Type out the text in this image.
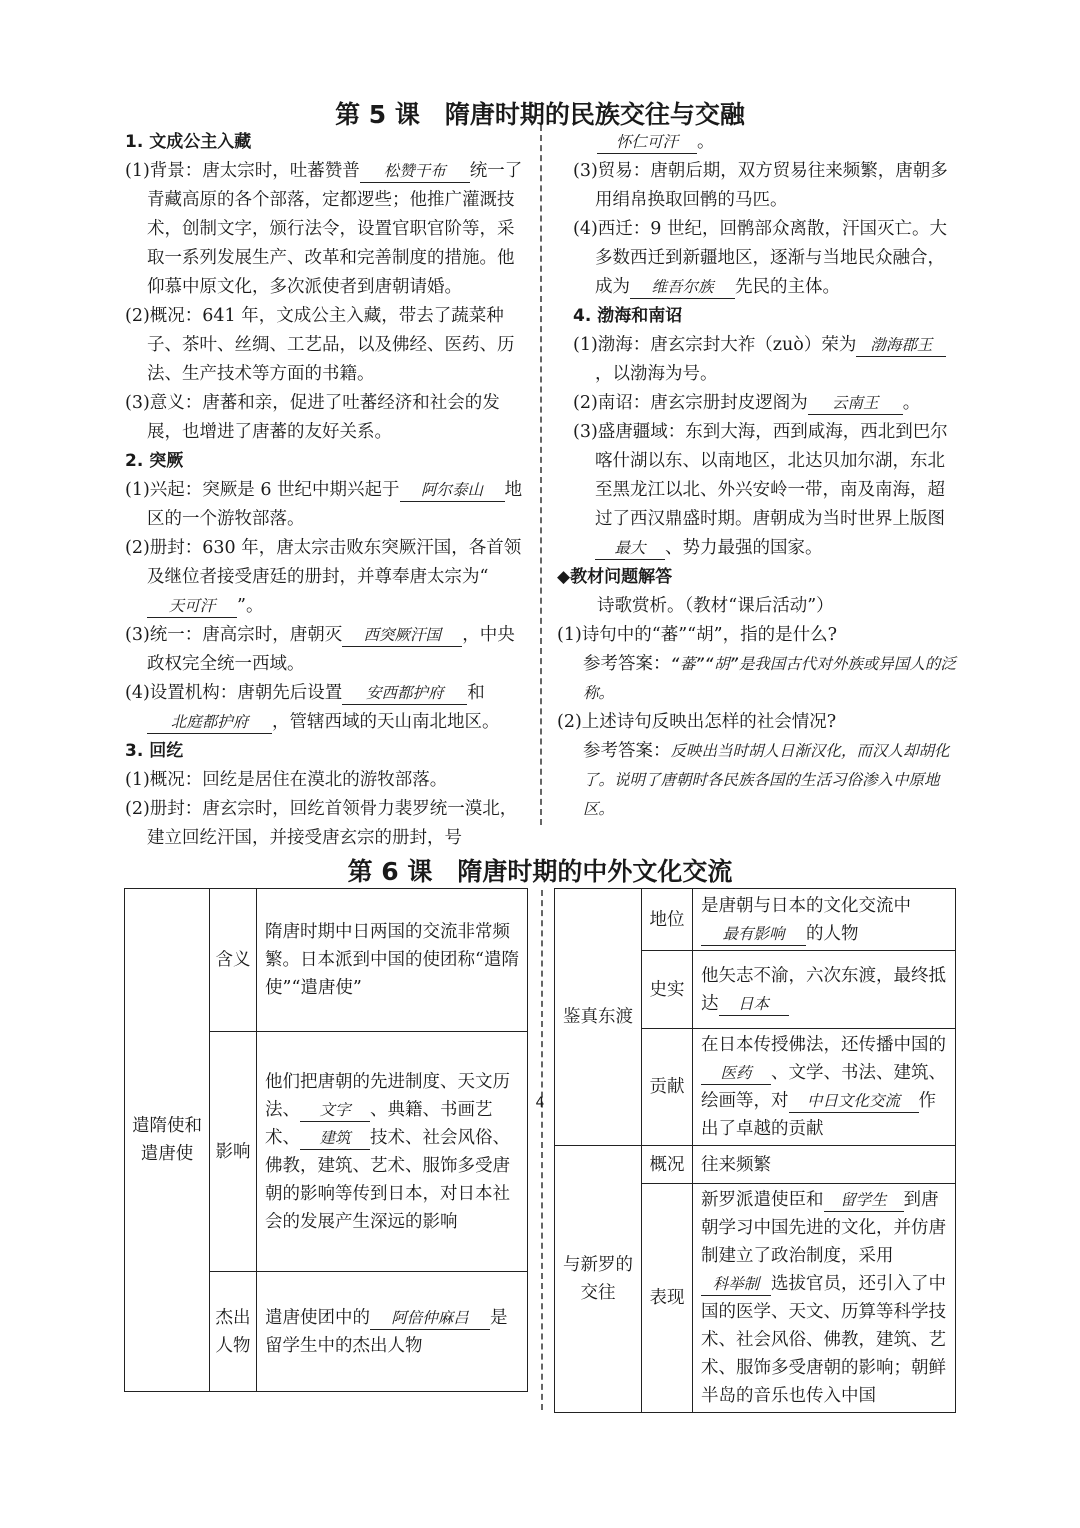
第 5 课　隋唐时期的民族交往与交融

1. 文成公主入藏

(1)背景：唐太宗时，吐蕃赞普 松赞干布 统一了青藏高原的各个部落，定都逻些；他推广灌溉技术，创制文字，颁行法令，设置官职官阶等，采取一系列发展生产、改革和完善制度的措施。他仰慕中原文化，多次派使者到唐朝请婚。

(2)概况：641 年，文成公主入藏，带去了蔬菜种子、茶叶、丝绸、工艺品，以及佛经、医药、历法、生产技术等方面的书籍。

(3)意义：唐蕃和亲，促进了吐蕃经济和社会的发展，也增进了唐蕃的友好关系。

2. 突厥

(1)兴起：突厥是 6 世纪中期兴起于 阿尔泰山 地区的一个游牧部落。

(2)册封：630 年，唐太宗击败东突厥汗国，各首领及继位者接受唐廷的册封，并尊奉唐太宗为“天可汗 ”。

(3)统一：唐高宗时，唐朝灭 西突厥汗国 ，中央政权完全统一西域。

(4)设置机构：唐朝先后设置 安西都护府 和北庭都护府 ，管辖西域的天山南北地区。

3. 回纥

(1)概况：回纥是居住在漠北的游牧部落。

(2)册封：唐玄宗时，回纥首领骨力裴罗统一漠北，建立回纥汗国，并接受唐玄宗的册封，号

怀仁可汗 。

(3)贸易：唐朝后期，双方贸易往来频繁，唐朝多用绢帛换取回鹘的马匹。

(4)西迁：9 世纪，回鹘部众离散，汗国灭亡。大多数西迁到新疆地区，逐渐与当地民众融合，成为 维吾尔族 先民的主体。

4. 渤海和南诏

(1)渤海：唐玄宗封大祚（zuò）荣为 渤海郡王，以渤海为号。

(2)南诏：唐玄宗册封皮逻阁为 云南王 。

(3)盛唐疆域：东到大海，西到咸海，西北到巴尔喀什湖以东、以南地区，北达贝加尔湖，东北至黑龙江以北、外兴安岭一带，南及南海，超过了西汉鼎盛时期。唐朝成为当时世界上版图最大 、势力最强的国家。

◆教材问题解答

诗歌赏析。（教材“课后活动”）

(1)诗句中的“蕃”“胡”，指的是什么?

参考答案：“蕃”“胡”是我国古代对外族或异国人的泛称。

(2)上述诗句反映出怎样的社会情况?

参考答案：反映出当时胡人日渐汉化，而汉人却胡化了。说明了唐朝时各民族各国的生活习俗渗入中原地区。

第 6 课　隋唐时期的中外文化交流
遣隋使和遣唐使	含义	隋唐时期中日两国的交流非常频繁。日本派到中国的使团称“遣隋使”“遣唐使”
	影响	他们把唐朝的先进制度、天文历法、 文字 、典籍、书画艺术、 建筑 技术、社会风俗、佛教，建筑、艺术、服饰多受唐朝的影响等传到日本，对日本社会的发展产生深远的影响
	杰出人物	遣唐使团中的 阿倍仲麻吕 是留学生中的杰出人物
鉴真东渡	地位	是唐朝与日本的文化交流中最有影响 的人物
	史实	他矢志不渝，六次东渡，最终抵达 日本
	贡献	在日本传授佛法，还传播中国的医药 、文学、书法、建筑、绘画等，对 中日文化交流 作出了卓越的贡献
与新罗的交往	概况	往来频繁
	表现	新罗派遣使臣和 留学生 到唐朝学习中国先进的文化，并仿唐制建立了政治制度，采用科举制 选拔官员，还引入了中国的医学、天文、历算等科学技术、社会风俗、佛教，建筑、艺术、服饰多受唐朝的影响；朝鲜半岛的音乐也传入中国
4
